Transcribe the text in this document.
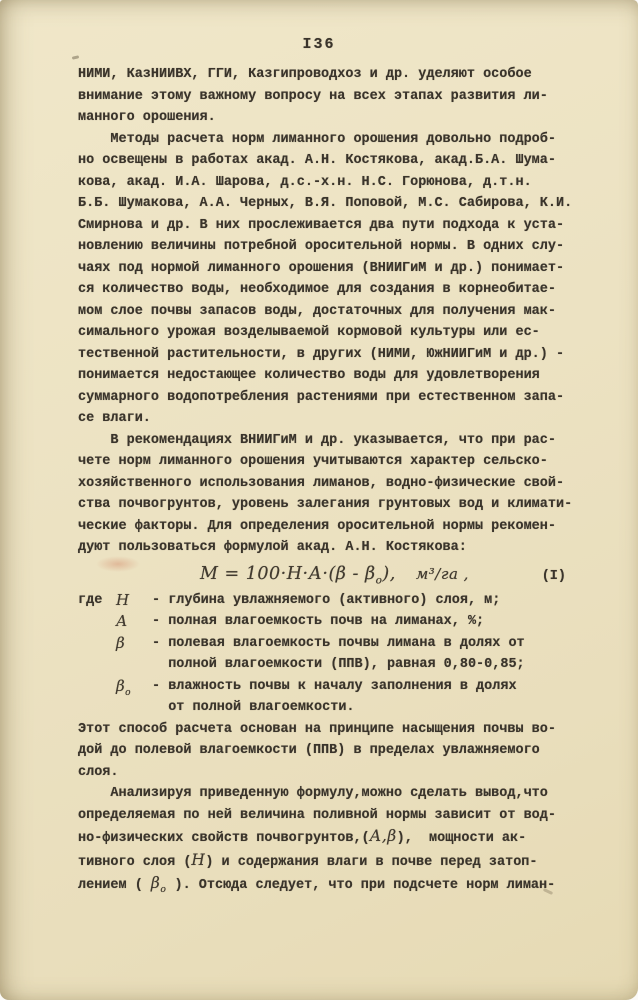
I36
НИМИ, КазНИИВХ, ГГИ, Казгипроводхоз и др. уделяют особое
внимание этому важному вопросу на всех этапах развития ли-
манного орошения.
Методы расчета норм лиманного орошения довольно подроб-
но освещены в работах акад. А.Н. Костякова, акад.Б.А. Шума-
кова, акад. И.А. Шарова, д.с.-х.н. Н.С. Горюнова, д.т.н.
Б.Б. Шумакова, А.А. Черных, В.Я. Поповой, М.С. Сабирова, К.И.
Смирнова и др. В них прослеживается два пути подхода к уста-
новлению величины потребной оросительной нормы. В одних слу-
чаях под нормой лиманного орошения (ВНИИГиМ и др.) понимает-
ся количество воды, необходимое для создания в корнеобитае-
мом слое почвы запасов воды, достаточных для получения мак-
симального урожая возделываемой кормовой культуры или ес-
тественной растительности, в других (НИМИ, ЮжНИИГиМ и др.) -
понимается недостающее количество воды для удовлетворения
суммарного водопотребления растениями при естественном запа-
се влаги.
В рекомендациях ВНИИГиМ и др. указывается, что при рас-
чете норм лиманного орошения учитываются характер сельско-
хозяйственного использования лиманов, водно-физические свой-
ства почвогрунтов, уровень залегания грунтовых вод и климати-
ческие факторы. Для определения оросительной нормы рекомен-
дуют пользоваться формулой акад. А.Н. Костякова:
$М = 100\cdot Н\cdot А\cdot(\beta - \beta_o)$, м³/га ,	(I)
где Н	- глубина увлажняемого (активного) слоя, м;
А	- полная влагоемкость почв на лиманах, %;
β	- полевая влагоемкость почвы лимана в долях от
полной влагоемкости (ППВ), равная 0,80-0,85;
$\beta_o$	- влажность почвы к началу заполнения в долях
от полной влагоемкости.
Этот способ расчета основан на принципе насыщения почвы во-
дой до полевой влагоемкости (ППВ) в пределах увлажняемого
слоя.
Анализируя приведенную формулу,можно сделать вывод,что
определяемая по ней величина поливной нормы зависит от вод-
но-физических свойств почвогрунтов,(А,β),  мощности ак-
тивного слоя (Н) и содержания влаги в почве перед затоп-
лением ( $\beta_o$ ). Отсюда следует, что при подсчете норм лиман-
